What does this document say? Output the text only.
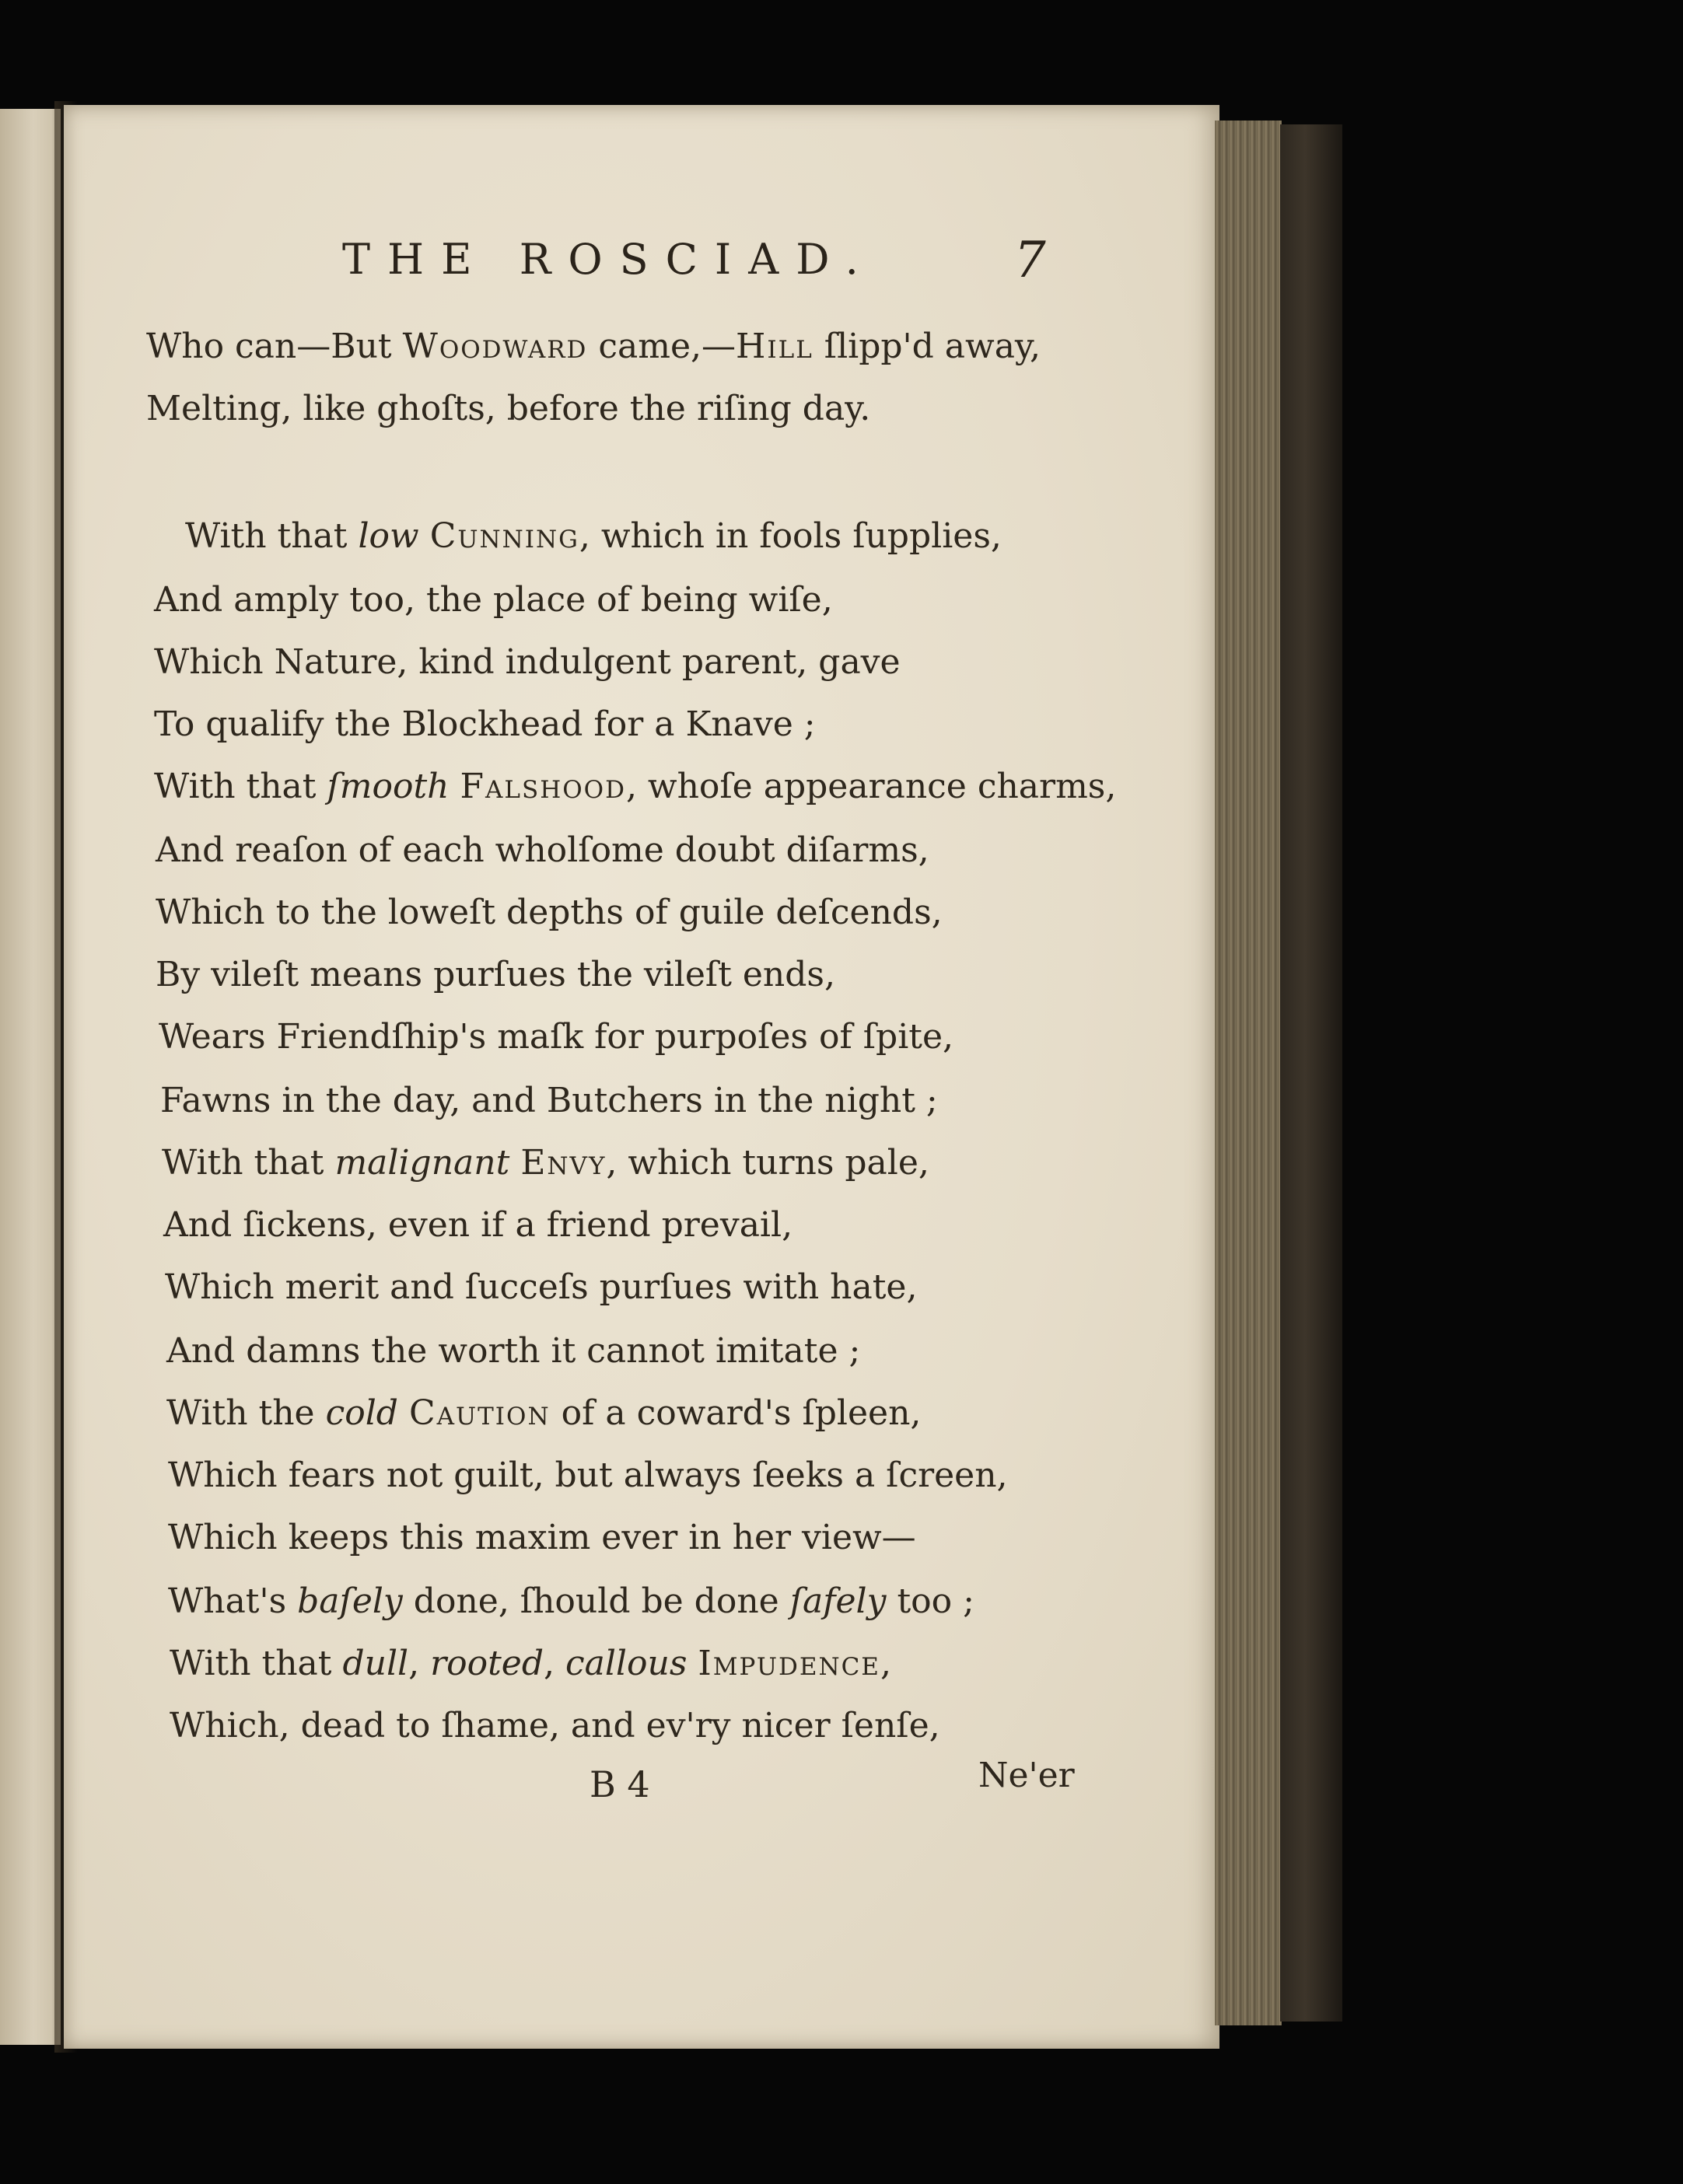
THE ROSCIAD.	7
Who can—But Woodward came,—Hill ſlipp'd away,
Melting, like ghoſts, before the riſing day.
With that low Cunning, which in fools ſupplies,
And amply too, the place of being wiſe,
Which Nature, kind indulgent parent, gave
To qualify the Blockhead for a Knave ;
With that ſmooth Falshood, whoſe appearance charms,
And reaſon of each wholſome doubt diſarms,
Which to the loweſt depths of guile deſcends,
By vileſt means purſues the vileſt ends,
Wears Friendſhip's maſk for purpoſes of ſpite,
Fawns in the day, and Butchers in the night ;
With that malignant Envy, which turns pale,
And ſickens, even if a friend prevail,
Which merit and ſucceſs purſues with hate,
And damns the worth it cannot imitate ;
With the cold Caution of a coward's ſpleen,
Which fears not guilt, but always ſeeks a ſcreen,
Which keeps this maxim ever in her view—
What's baſely done, ſhould be done ſafely too ;
With that dull, rooted, callous Impudence,
Which, dead to ſhame, and ev'ry nicer ſenſe,
B 4	Ne'er
